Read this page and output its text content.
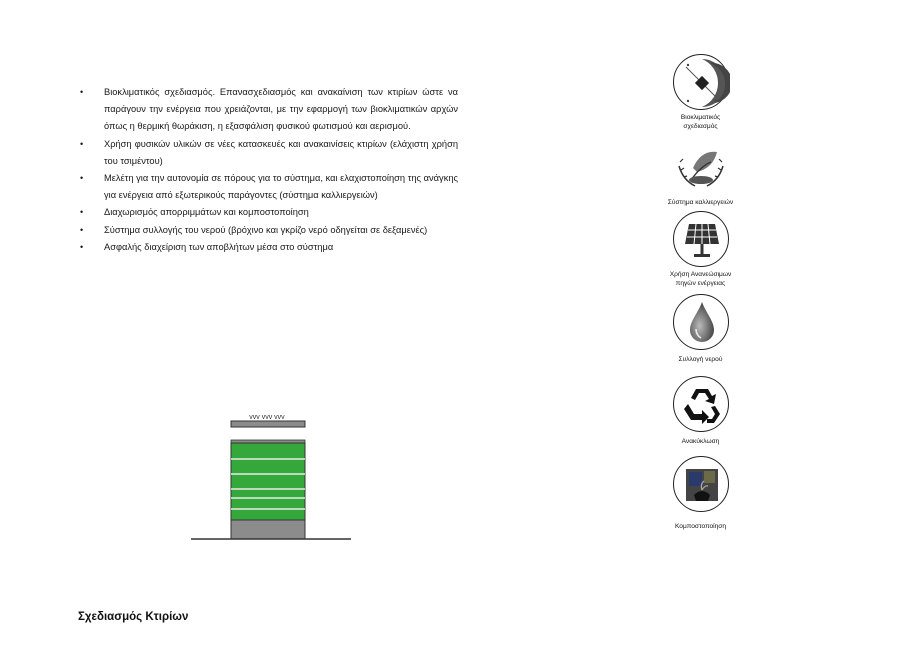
• Βιοκλιματικός σχεδιασμός. Επανασχεδιασμός και ανακαίνιση των κτιρίων ώστε να παράγουν την ενέργεια που χρειάζονται, με την εφαρμογή των βιοκλιματικών αρχών όπως η θερμική θωράκιση, η εξασφάλιση φυσικού φωτισμού και αερισμού.
• Χρήση φυσικών υλικών σε νέες κατασκευές και ανακαινίσεις κτιρίων (ελάχιστη χρήση του τσιμέντου)
• Μελέτη για την αυτονομία σε πόρους για το σύστημα, και ελαχιστοποίηση της ανάγκης για ενέργεια από εξωτερικούς παράγοντες (σύστημα καλλιεργειών)
• Διαχωρισμός απορριμμάτων και κομποστοποίηση
• Σύστημα συλλογής του νερού (βρόχινο και γκρίζο νερό οδηγείται σε δεξαμενές)
• Ασφαλής διαχείριση των αποβλήτων μέσα στο σύστημα
vvv vvv vvv
Βιοκλιματικός
σχεδιασμός
Σύστημα καλλιεργειών
Χρήση Ανανεώσιμων
πηγών ενέργειας
Συλλογή νερού
Ανακύκλωση
Κομποστοποίηση
Σχεδιασμός Κτιρίων
